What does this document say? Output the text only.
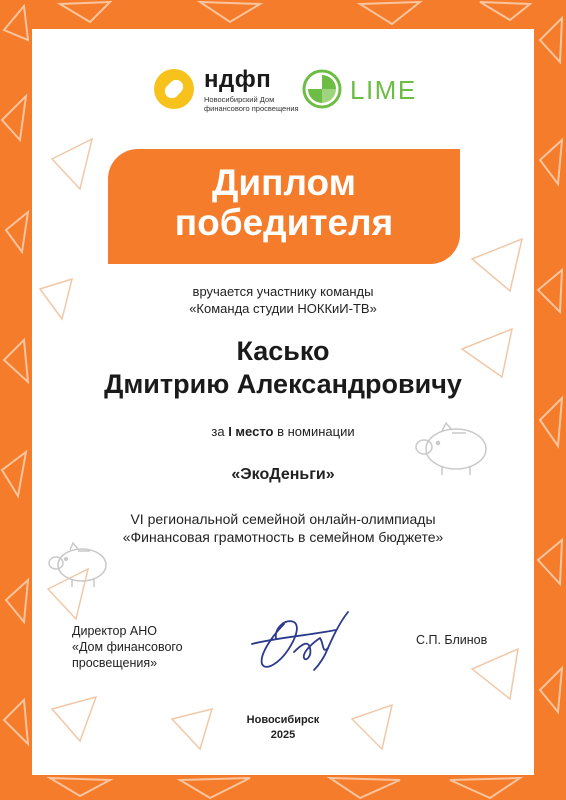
ндфп
Новосибирский Дом финансового просвещения
LIME
Диплом
победителя
вручается участнику команды
«Команда студии НОККиИ-ТВ»
Касько
Дмитрию Александровичу
за I место в номинации
«ЭкоДеньги»
VI региональной семейной онлайн-олимпиады
«Финансовая грамотность в семейном бюджете»
Директор АНО
«Дом финансового
просвещения»
С.П. Блинов
Новосибирск
2025
